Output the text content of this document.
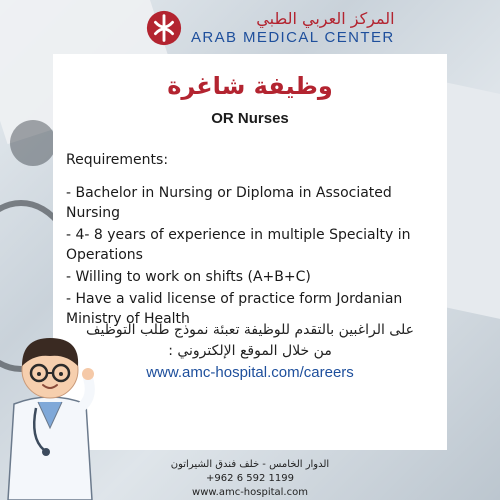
المركز العربي الطبي
ARAB MEDICAL CENTER
وظيفة شاغرة
OR Nurses
Requirements:
- Bachelor in Nursing or Diploma in Associated Nursing
- 4- 8 years of experience in multiple Specialty in Operations
- Willing to work on shifts (A+B+C)
- Have a valid license of practice form Jordanian Ministry of Health
على الراغبين بالتقدم للوظيفة تعبئة نموذج طلب التوظيف
من خلال الموقع الإلكتروني :
www.amc-hospital.com/careers
الدوار الخامس - خلف فندق الشيراتون
+962 6 592 1199
www.amc-hospital.com
